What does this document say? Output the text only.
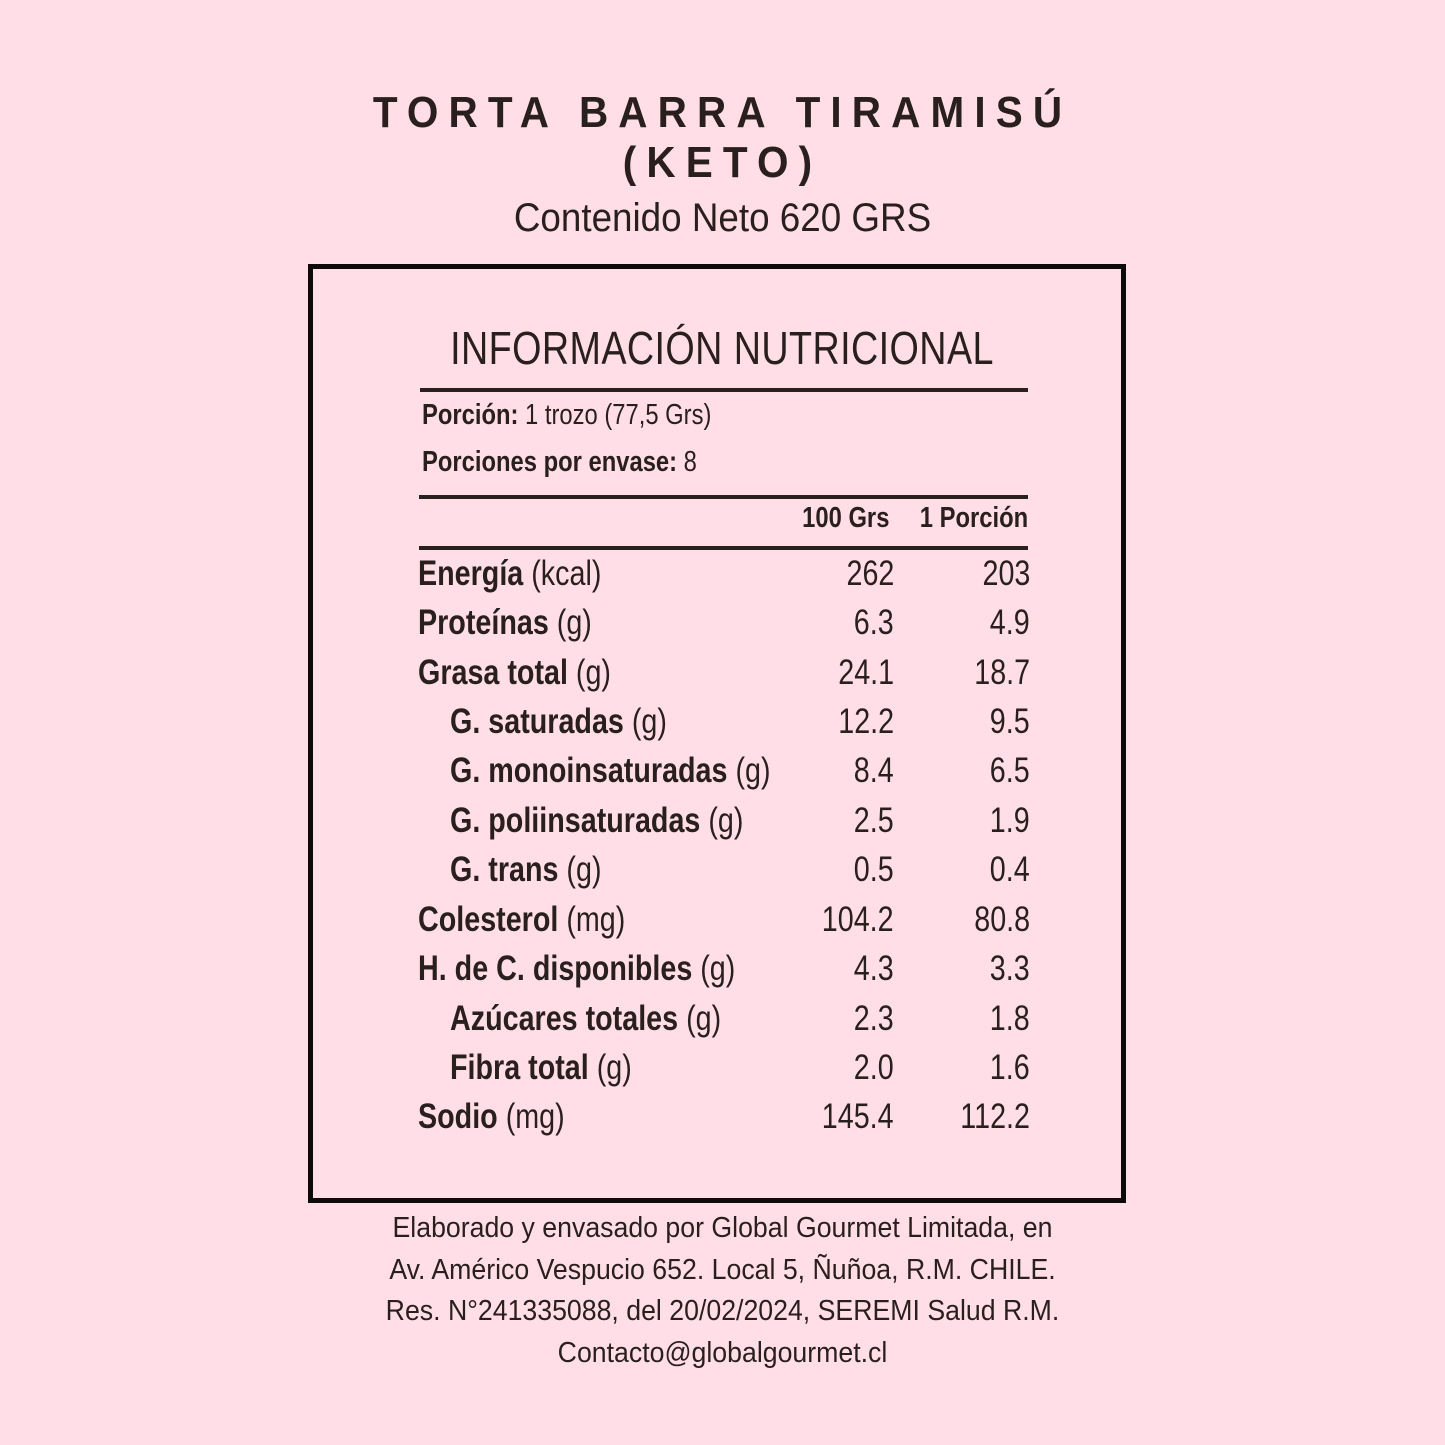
TORTA BARRA TIRAMISÚ
(KETO)
Contenido Neto 620 GRS
INFORMACIÓN NUTRICIONAL
Porción: 1 trozo (77,5 Grs)
Porciones por envase: 8
100 Grs 1 Porción
Energía (kcal)	262	203
Proteínas (g)	6.3	4.9
Grasa total (g)	24.1 18.7
G. saturadas (g)	12.2	9.5
G. monoinsaturadas (g) 8.4	6.5
G. poliinsaturadas (g)	2.5	1.9
G. trans (g)	0.5	0.4
Colesterol (mg)	104.2 80.8
H. de C. disponibles (g)	4.3	3.3
Azúcares totales (g)	2.3	1.8
Fibra total (g)	2.0	1.6
Sodio (mg)	145.4 112.2
Elaborado y envasado por Global Gourmet Limitada, en
Av. Américo Vespucio 652. Local 5, Ñuñoa, R.M. CHILE.
Res. N°241335088, del 20/02/2024, SEREMI Salud R.M.
Contacto@globalgourmet.cl
